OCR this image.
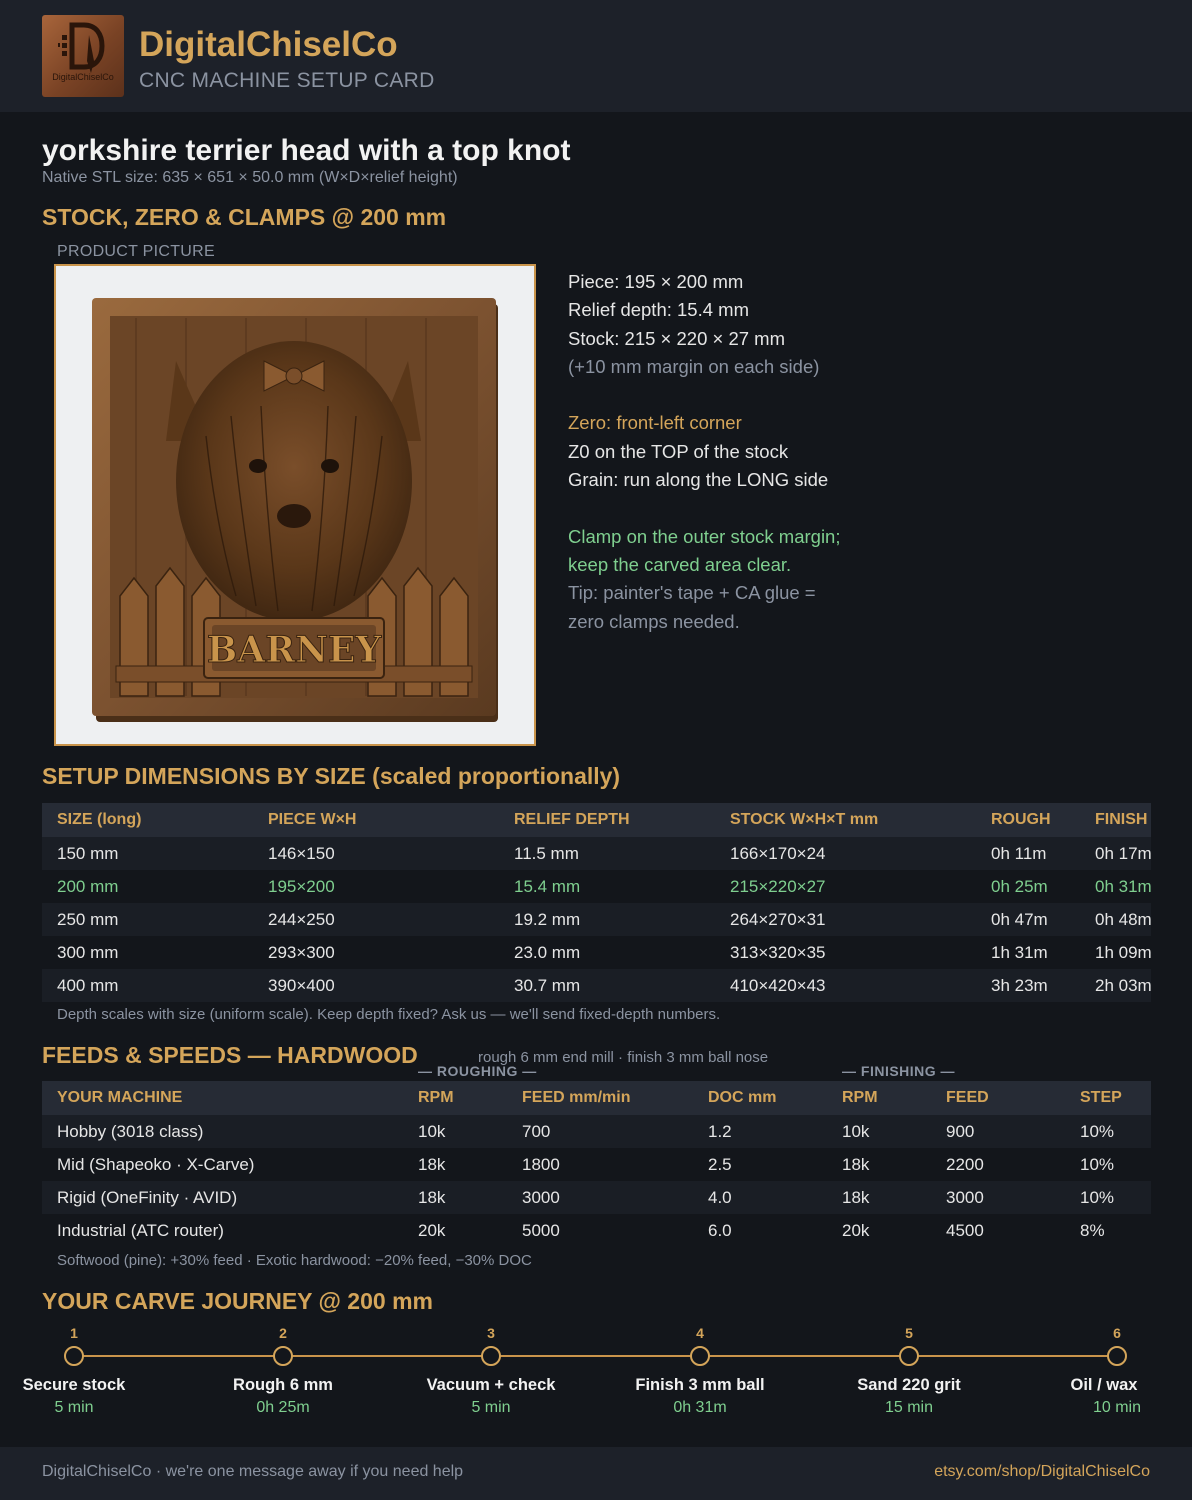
DigitalChiselCo
DigitalChiselCo
CNC MACHINE SETUP CARD
yorkshire terrier head with a top knot
Native STL size: 635 × 651 × 50.0 mm (W×D×relief height)
STOCK, ZERO & CLAMPS @ 200 mm
PRODUCT PICTURE
BARNEY
Piece: 195 × 200 mm
Relief depth: 15.4 mm
Stock: 215 × 220 × 27 mm
(+10 mm margin on each side)
Zero: front-left corner
Z0 on the TOP of the stock
Grain: run along the LONG side
Clamp on the outer stock margin;
keep the carved area clear.
Tip: painter's tape + CA glue =
zero clamps needed.
SETUP DIMENSIONS BY SIZE (scaled proportionally)
SIZE (long)	PIECE W×H	RELIEF DEPTH	STOCK W×H×T mm	ROUGH	FINISH
150 mm	146×150	11.5 mm	166×170×24	0h 11m	0h 17m
200 mm	195×200	15.4 mm	215×220×27	0h 25m	0h 31m
250 mm	244×250	19.2 mm	264×270×31	0h 47m	0h 48m
300 mm	293×300	23.0 mm	313×320×35	1h 31m	1h 09m
400 mm	390×400	30.7 mm	410×420×43	3h 23m	2h 03m
Depth scales with size (uniform scale). Keep depth fixed? Ask us — we'll send fixed-depth numbers.
FEEDS & SPEEDS — HARDWOOD	rough 6 mm end mill · finish 3 mm ball nose
— ROUGHING —	— FINISHING —
YOUR MACHINE	RPM	FEED mm/min	DOC mm	RPM	FEED	STEP
Hobby (3018 class)	10k	700	1.2	10k	900	10%
Mid (Shapeoko · X-Carve)	18k	1800	2.5	18k	2200	10%
Rigid (OneFinity · AVID)	18k	3000	4.0	18k	3000	10%
Industrial (ATC router)	20k	5000	6.0	20k	4500	8%
Softwood (pine): +30% feed · Exotic hardwood: −20% feed, −30% DOC
YOUR CARVE JOURNEY @ 200 mm
1
Secure stock
5 min
2
Rough 6 mm
0h 25m
3
Vacuum + check
5 min
4
Finish 3 mm ball
0h 31m
5
Sand 220 grit
15 min
6
Oil / wax
10 min
DigitalChiselCo · we're one message away if you need help	etsy.com/shop/DigitalChiselCo
